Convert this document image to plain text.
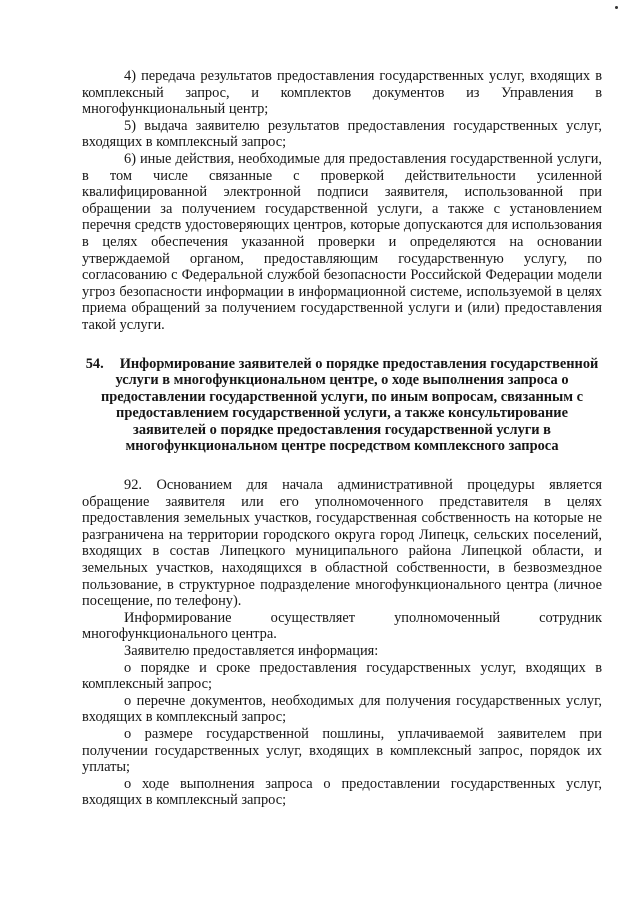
4) передача результатов предоставления государственных услуг, входящих в комплексный запрос, и комплектов документов из Управления в многофункциональный центр;

5) выдача заявителю результатов предоставления государственных услуг, входящих в комплексный запрос;

6) иные действия, необходимые для предоставления государственной услуги, в том числе связанные с проверкой действительности усиленной квалифицированной электронной подписи заявителя, использованной при обращении за получением государственной услуги, а также с установлением перечня средств удостоверяющих центров, которые допускаются для использования в целях обеспечения указанной проверки и определяются на основании утверждаемой органом, предоставляющим государственную услугу, по согласованию с Федеральной службой безопасности Российской Федерации модели угроз безопасности информации в информационной системе, используемой в целях приема обращений за получением государственной услуги и (или) предоставления такой услуги.

54. Информирование заявителей о порядке предоставления государственной услуги в многофункциональном центре, о ходе выполнения запроса о предоставлении государственной услуги, по иным вопросам, связанным с предоставлением государственной услуги, а также консультирование заявителей о порядке предоставления государственной услуги в многофункциональном центре посредством комплексного запроса

92. Основанием для начала административной процедуры является обращение заявителя или его уполномоченного представителя в целях предоставления земельных участков, государственная собственность на которые не разграничена на территории городского округа город Липецк, сельских поселений, входящих в состав Липецкого муниципального района Липецкой области, и земельных участков, находящихся в областной собственности, в безвозмездное пользование, в структурное подразделение многофункционального центра (личное посещение, по телефону).

Информирование осуществляет уполномоченный сотрудник многофункционального центра.

Заявителю предоставляется информация:

о порядке и сроке предоставления государственных услуг, входящих в комплексный запрос;

о перечне документов, необходимых для получения государственных услуг, входящих в комплексный запрос;

о размере государственной пошлины, уплачиваемой заявителем при получении государственных услуг, входящих в комплексный запрос, порядок их уплаты;

о ходе выполнения запроса о предоставлении государственных услуг, входящих в комплексный запрос;
